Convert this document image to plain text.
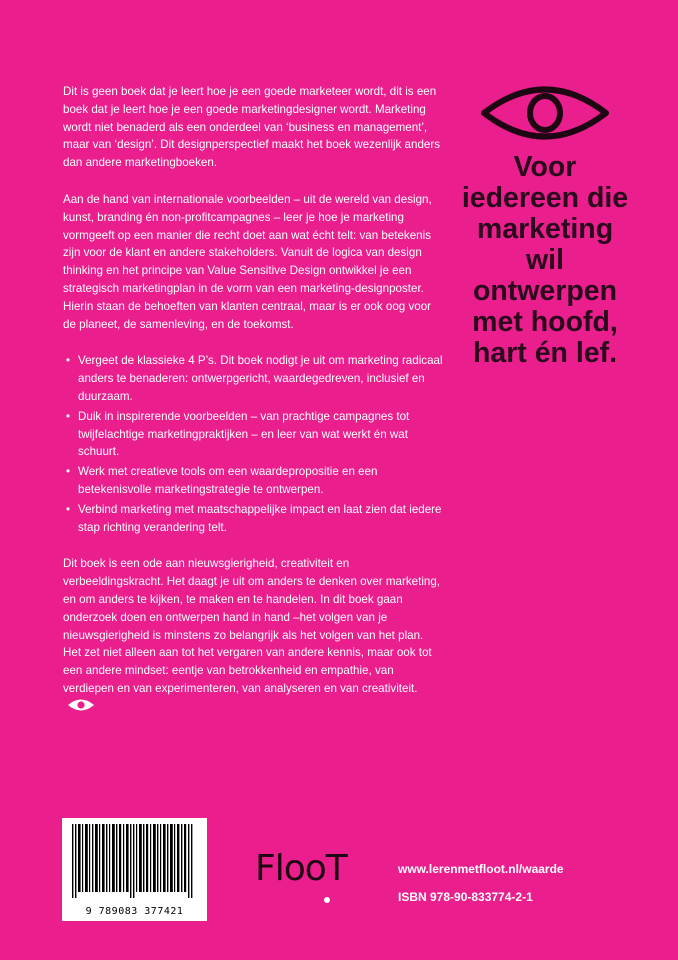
Dit is geen boek dat je leert hoe je een goede marketeer wordt, dit is een boek dat je leert hoe je een goede marketingdesigner wordt. Marketing wordt niet benaderd als een onderdeel van ‘business en management’, maar van ‘design’. Dit designperspectief maakt het boek wezenlijk anders dan andere marketingboeken.

Aan de hand van internationale voorbeelden – uit de wereld van design, kunst, branding én non-profitcampagnes – leer je hoe je marketing vormgeeft op een manier die recht doet aan wat écht telt: van betekenis zijn voor de klant en andere stakeholders. Vanuit de logica van design thinking en het principe van Value Sensitive Design ontwikkel je een strategisch marketingplan in de vorm van een marketing-designposter. Hierin staan de behoeften van klanten centraal, maar is er ook oog voor de planeet, de samenleving, en de toekomst.

• Vergeet de klassieke 4 P’s. Dit boek nodigt je uit om marketing radicaal anders te benaderen: ontwerpgericht, waardegedreven, inclusief en duurzaam.
• Duik in inspirerende voorbeelden – van prachtige campagnes tot twijfelachtige marketingpraktijken – en leer van wat werkt én wat schuurt.
• Werk met creatieve tools om een waardepropositie en een betekenisvolle marketingstrategie te ontwerpen.
• Verbind marketing met maatschappelijke impact en laat zien dat iedere stap richting verandering telt.

Dit boek is een ode aan nieuwsgierigheid, creativiteit en verbeeldingskracht. Het daagt je uit om anders te denken over marketing, en om anders te kijken, te maken en te handelen. In dit boek gaan onderzoek doen en ontwerpen hand in hand –het volgen van je nieuwsgierigheid is minstens zo belangrijk als het volgen van het plan. Het zet niet alleen aan tot het vergaren van andere kennis, maar ook tot een andere mindset: eentje van betrokkenheid en empathie, van verdiepen en van experimenteren, van analyseren en van creativiteit.

Voor iedereen die marketing wil ontwerpen met hoofd, hart én lef.
9 789083 377421
FlooT	www.lerenmetfloot.nl/waarde
ISBN 978-90-833774-2-1
